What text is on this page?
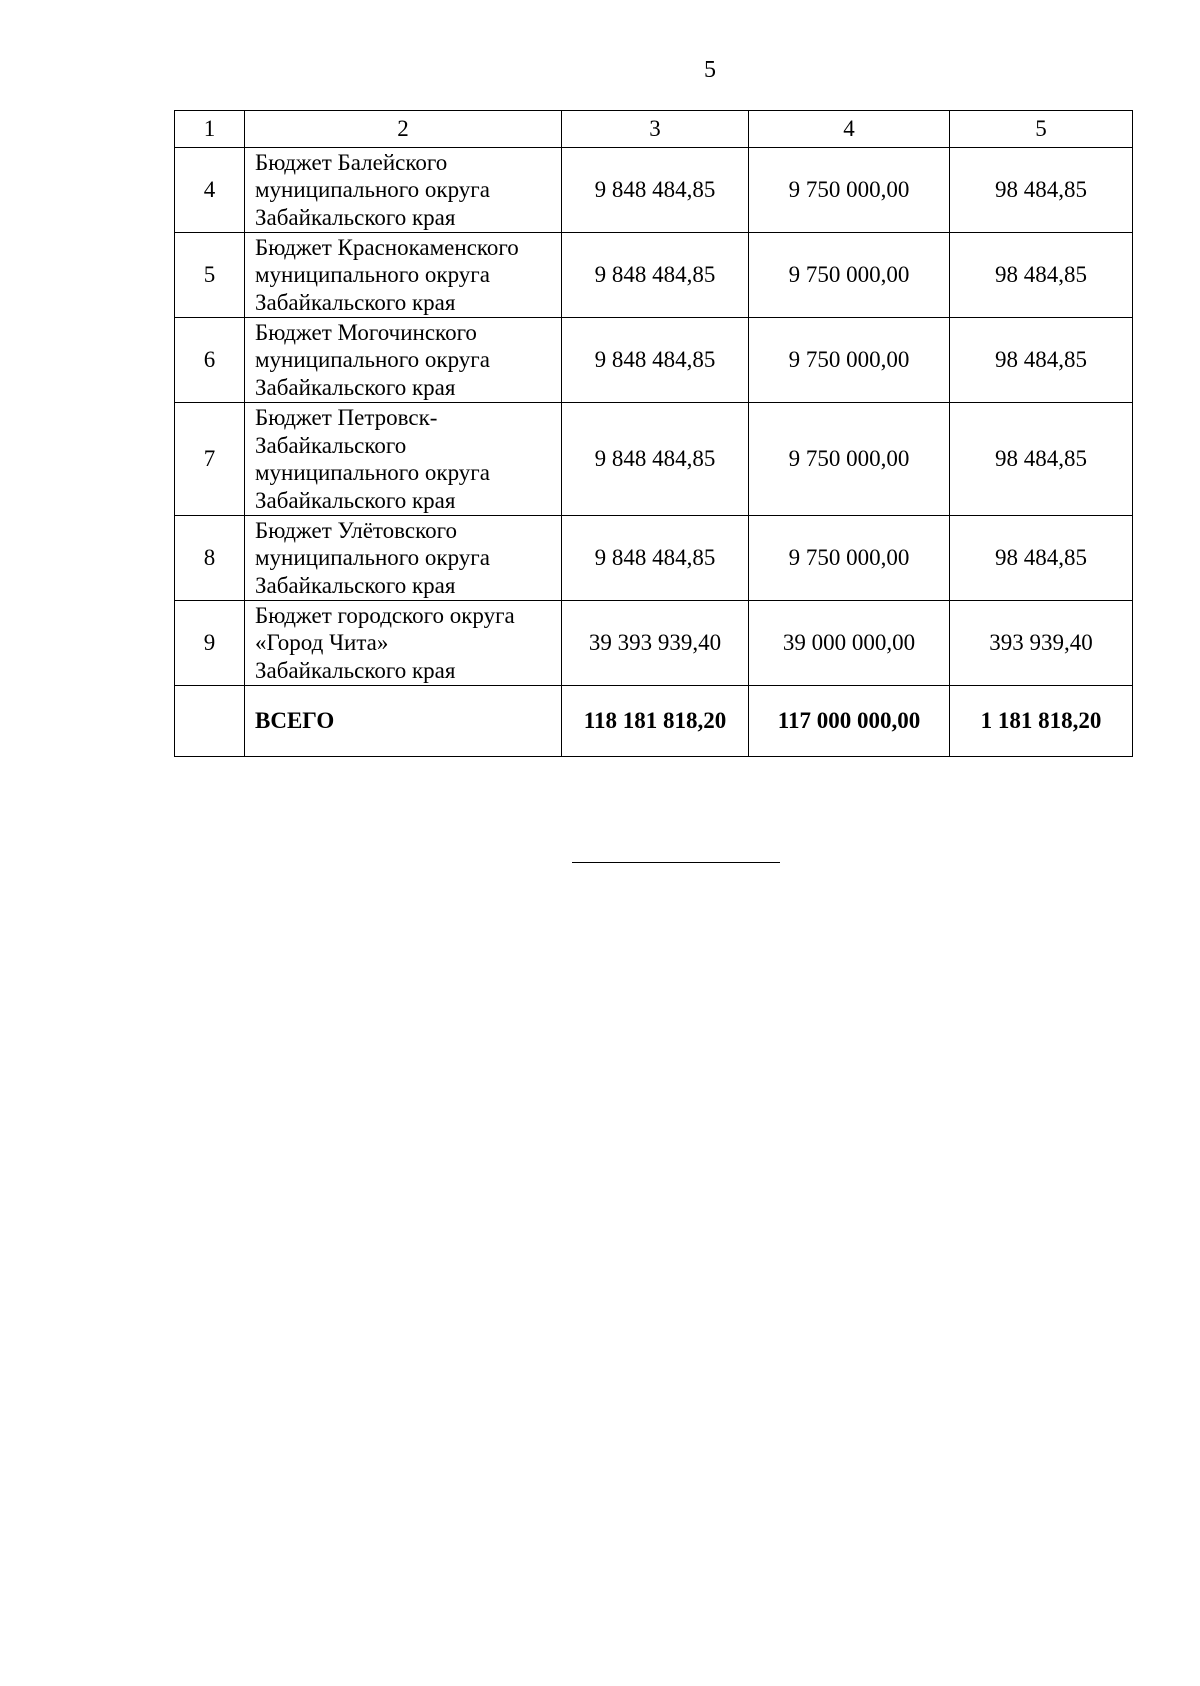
5
1	2	3	4	5
4	Бюджет Балейского
муниципального округа
Забайкальского края	9 848 484,85	9 750 000,00	98 484,85
5	Бюджет Краснокаменского
муниципального округа
Забайкальского края	9 848 484,85	9 750 000,00	98 484,85
6	Бюджет Могочинского
муниципального округа
Забайкальского края	9 848 484,85	9 750 000,00	98 484,85
7	Бюджет Петровск-
Забайкальского
муниципального округа
Забайкальского края	9 848 484,85	9 750 000,00	98 484,85
8	Бюджет Улётовского
муниципального округа
Забайкальского края	9 848 484,85	9 750 000,00	98 484,85
9	Бюджет городского округа
«Город Чита»
Забайкальского края	39 393 939,40	39 000 000,00	393 939,40
	ВСЕГО	118 181 818,20	117 000 000,00	1 181 818,20
